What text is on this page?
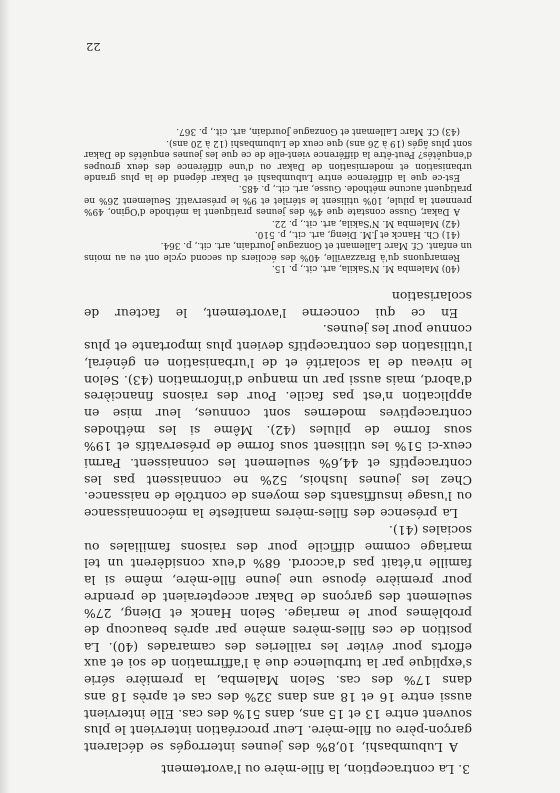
3. La contraception, la fille-mère ou l'avortement

A Lubumbashi, 10,8% des jeunes interrogés se déclarent garçon-père ou fille-mère. Leur procréation intervient le plus souvent entre 13 et 15 ans, dans 51% des cas. Elle intervient aussi entre 16 et 18 ans dans 32% des cas et après 18 ans dans 17% des cas. Selon Malemba, la première série s'explique par la turbulence due à l'affirmation de soi et aux efforts pour éviter les railleries des camarades (40). La position de ces filles-mères amène par après beaucoup de problèmes pour le mariage. Selon Hanck et Dieng, 27% seulement des garçons de Dakar accepteraient de prendre pour première épouse une jeune fille-mère, même si la famille n'était pas d'accord. 68% d'eux considèrent un tel mariage comme difficile pour des raisons familiales ou sociales (41).

La présence des filles-mères manifeste la méconnaissance ou l'usage insuffisants des moyens de contrôle de naissance. Chez les jeunes lushois, 52% ne connaissent pas les contraceptifs et 44,6% seulement les connaissent. Parmi ceux-ci 51% les utilisent sous forme de préservatifs et 19% sous forme de pilules (42). Même si les méthodes contraceptives modernes sont connues, leur mise en application n'est pas facile. Pour des raisons financières d'abord, mais aussi par un manque d'information (43). Selon le niveau de la scolarité et de l'urbanisation en général, l'utilisation des contraceptifs devient plus importante et plus connue pour les jeunes.

En ce qui concerne l'avortement, le facteur de scolarisation

(40) Malemba M. N'Sakila, art. cit., p. 15.

Remarquons qu'à Brazzaville, 40% des écoliers du second cycle ont eu au moins un enfant. Cf. Marc Lallemant et Gonzague Jourdain, art. cit., p. 364.

(41) Ch. Hanck et J.M. Dieng, art. cit., p. 510.

(42) Malemba M. N'Sakila, art. cit., p. 22.

A Dakar, Gusse constate que 4% des jeunes pratiquent la méthode d'Ogino, 49% prennent la pilule, 10% utilisent le stérilet et 9% le préservatif. Seulement 26% ne pratiquent aucune méthode. Gusse, art. cit., p. 485.

Est-ce que la différence entre Lubumbashi et Dakar dépend de la plus grande urbanisation et modernisation de Dakar ou d'une différence des deux groupes d'enquêtés? Peut-être la différence vient-elle de ce que les jeunes enquêtés de Dakar sont plus âgés (19 à 26 ans) que ceux de Lubumbashi (12 à 20 ans).

(43) Cf. Marc Lallemant et Gonzague Jourdain, art. cit., p. 367.

22
